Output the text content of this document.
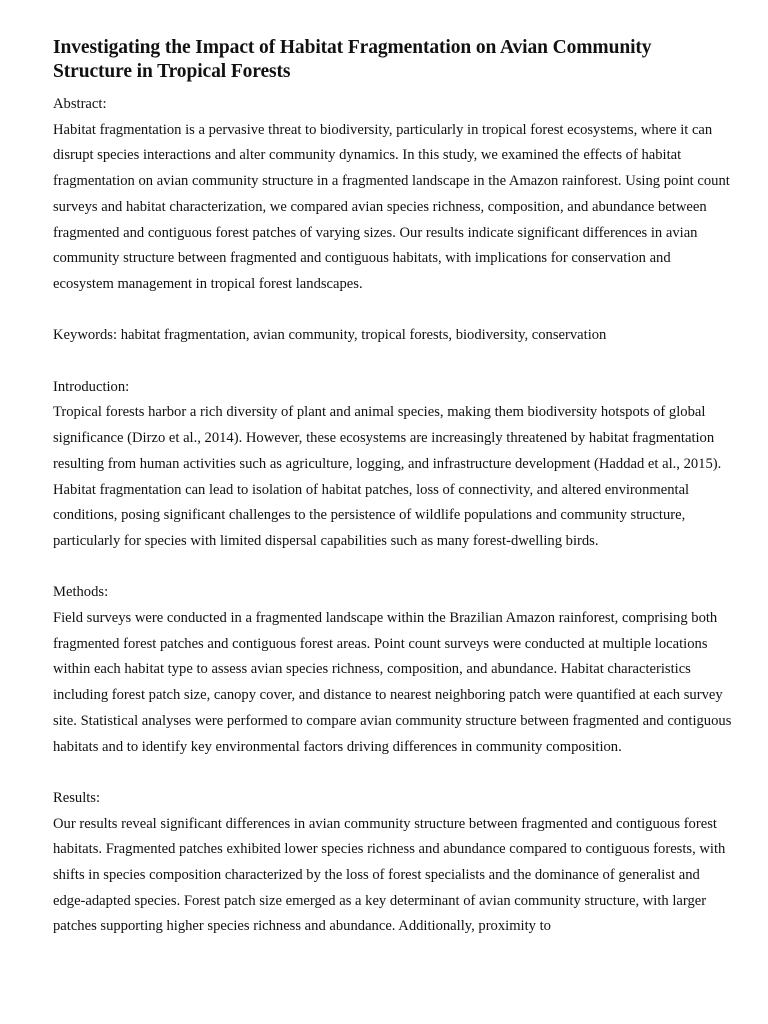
Investigating the Impact of Habitat Fragmentation on Avian Community Structure in Tropical Forests

Abstract:

Habitat fragmentation is a pervasive threat to biodiversity, particularly in tropical forest ecosystems, where it can disrupt species interactions and alter community dynamics. In this study, we examined the effects of habitat fragmentation on avian community structure in a fragmented landscape in the Amazon rainforest. Using point count surveys and habitat characterization, we compared avian species richness, composition, and abundance between fragmented and contiguous forest patches of varying sizes. Our results indicate significant differences in avian community structure between fragmented and contiguous habitats, with implications for conservation and ecosystem management in tropical forest landscapes.

Keywords: habitat fragmentation, avian community, tropical forests, biodiversity, conservation

Introduction:

Tropical forests harbor a rich diversity of plant and animal species, making them biodiversity hotspots of global significance (Dirzo et al., 2014). However, these ecosystems are increasingly threatened by habitat fragmentation resulting from human activities such as agriculture, logging, and infrastructure development (Haddad et al., 2015). Habitat fragmentation can lead to isolation of habitat patches, loss of connectivity, and altered environmental conditions, posing significant challenges to the persistence of wildlife populations and community structure, particularly for species with limited dispersal capabilities such as many forest-dwelling birds.

Methods:

Field surveys were conducted in a fragmented landscape within the Brazilian Amazon rainforest, comprising both fragmented forest patches and contiguous forest areas. Point count surveys were conducted at multiple locations within each habitat type to assess avian species richness, composition, and abundance. Habitat characteristics including forest patch size, canopy cover, and distance to nearest neighboring patch were quantified at each survey site. Statistical analyses were performed to compare avian community structure between fragmented and contiguous habitats and to identify key environmental factors driving differences in community composition.

Results:

Our results reveal significant differences in avian community structure between fragmented and contiguous forest habitats. Fragmented patches exhibited lower species richness and abundance compared to contiguous forests, with shifts in species composition characterized by the loss of forest specialists and the dominance of generalist and edge-adapted species. Forest patch size emerged as a key determinant of avian community structure, with larger patches supporting higher species richness and abundance. Additionally, proximity to
